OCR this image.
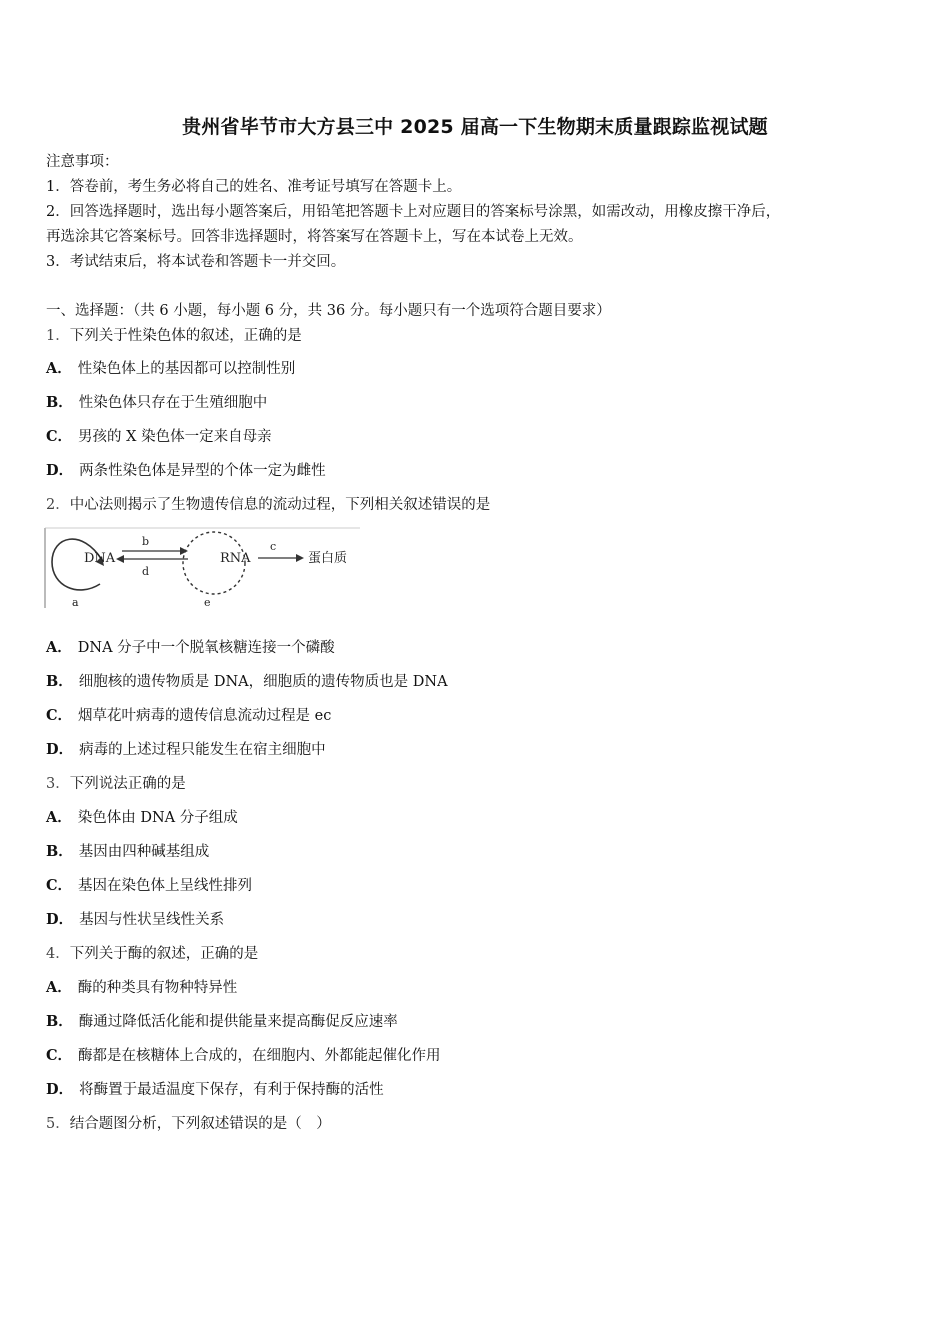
贵州省毕节市大方县三中 2025 届高一下生物期末质量跟踪监视试题
注意事项：
1．答卷前，考生务必将自己的姓名、准考证号填写在答题卡上。
2．回答选择题时，选出每小题答案后，用铅笔把答题卡上对应题目的答案标号涂黑，如需改动，用橡皮擦干净后，
再选涂其它答案标号。回答非选择题时，将答案写在答题卡上，写在本试卷上无效。
3．考试结束后，将本试卷和答题卡一并交回。
一、选择题：（共 6 小题，每小题 6 分，共 36 分。每小题只有一个选项符合题目要求）
1．下列关于性染色体的叙述，正确的是
A． 性染色体上的基因都可以控制性别
B． 性染色体只存在于生殖细胞中
C． 男孩的 X 染色体一定来自母亲
D． 两条性染色体是异型的个体一定为雌性
2．中心法则揭示了生物遗传信息的流动过程，下列相关叙述错误的是
DNA
a
b
d
RNA
e
c
蛋白质
A． DNA 分子中一个脱氧核糖连接一个磷酸
B． 细胞核的遗传物质是 DNA，细胞质的遗传物质也是 DNA
C． 烟草花叶病毒的遗传信息流动过程是 ec
D． 病毒的上述过程只能发生在宿主细胞中
3．下列说法正确的是
A． 染色体由 DNA 分子组成
B． 基因由四种碱基组成
C． 基因在染色体上呈线性排列
D． 基因与性状呈线性关系
4．下列关于酶的叙述，正确的是
A． 酶的种类具有物种特异性
B． 酶通过降低活化能和提供能量来提高酶促反应速率
C． 酶都是在核糖体上合成的，在细胞内、外都能起催化作用
D． 将酶置于最适温度下保存，有利于保持酶的活性
5．结合题图分析，下列叙述错误的是（　）
